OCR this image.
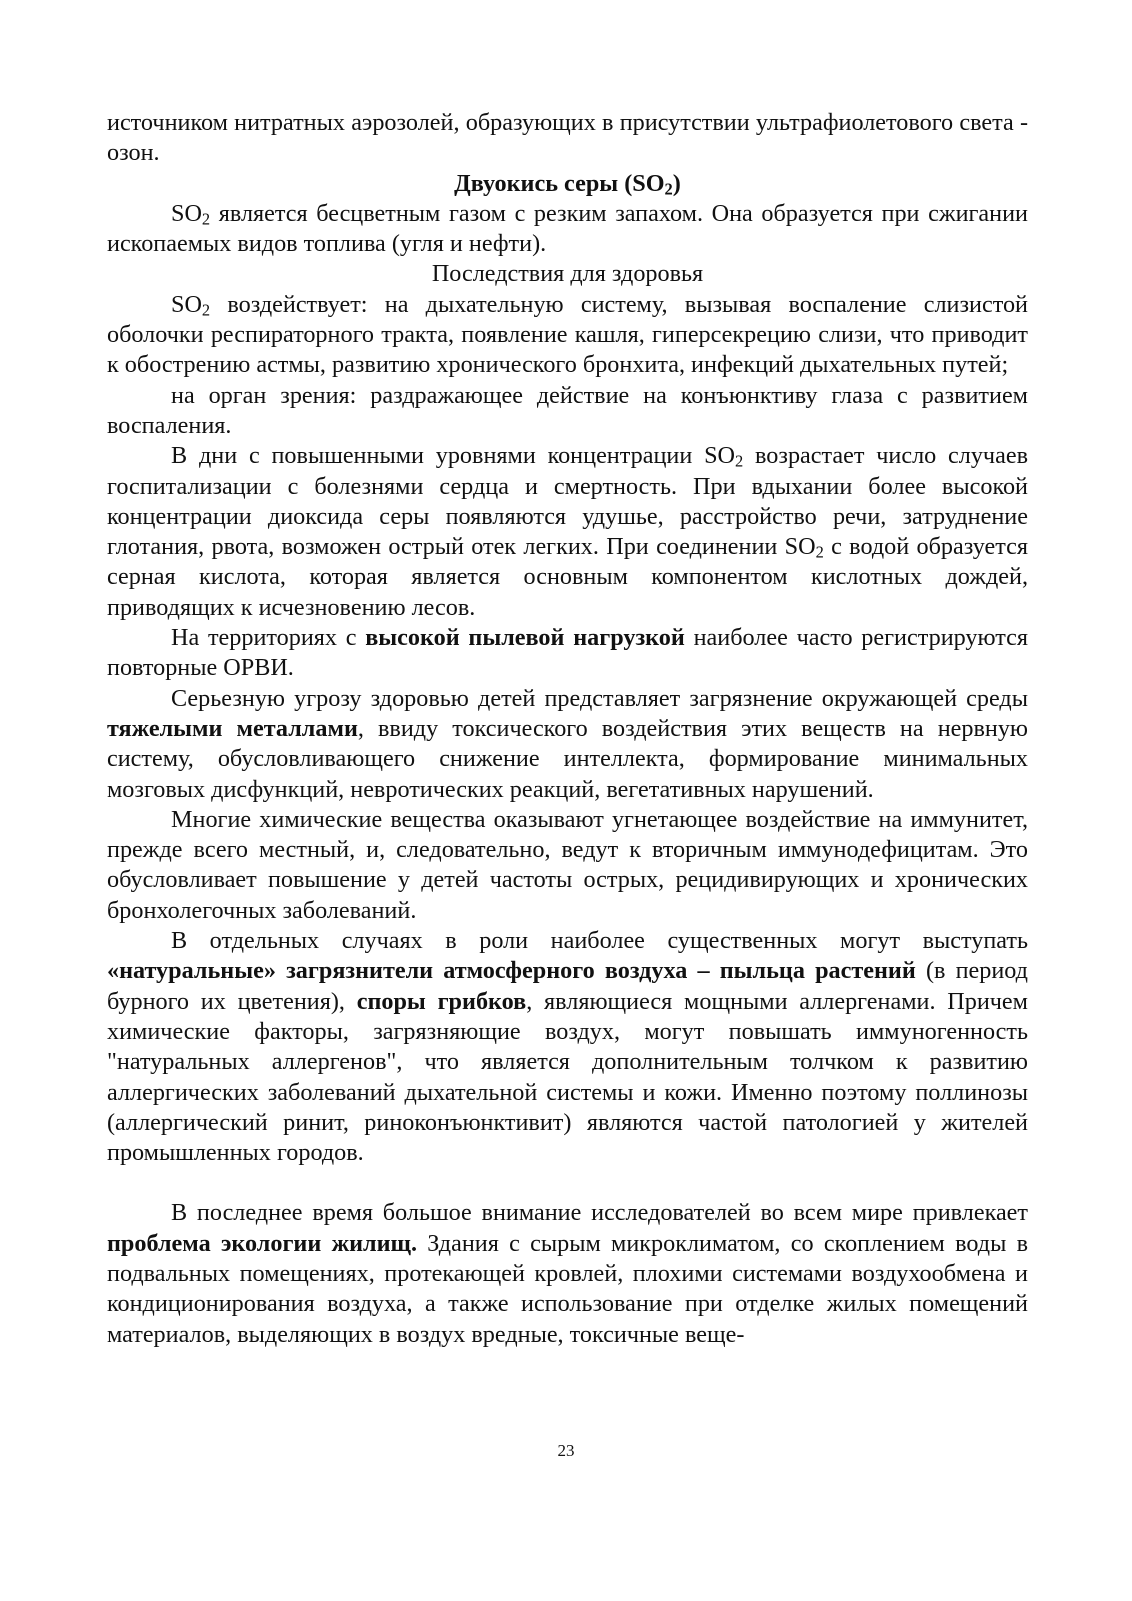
источником нитратных аэрозолей, образующих в присутствии ультрафиолетового света - озон.

Двуокись серы $(SO_2)$

$SO_2$ является бесцветным газом с резким запахом. Она образуется при сжигании ископаемых видов топлива (угля и нефти).

Последствия для здоровья

$SO_2$ воздействует: на дыхательную систему, вызывая воспаление слизистой оболочки респираторного тракта, появление кашля, гиперсекрецию слизи, что приводит к обострению астмы, развитию хронического бронхита, инфекций дыхательных путей;

на орган зрения: раздражающее действие на конъюнктиву глаза с развитием воспаления.

В дни с повышенными уровнями концентрации $SO_2$ возрастает число случаев госпитализации с болезнями сердца и смертность. При вдыхании более высокой концентрации диоксида серы появляются удушье, расстройство речи, затруднение глотания, рвота, возможен острый отек легких. При соединении $SO_2$ с водой образуется серная кислота, которая является основным компонентом кислотных дождей, приводящих к исчезновению лесов.

На территориях с высокой пылевой нагрузкой наиболее часто регистрируются повторные ОРВИ.

Серьезную угрозу здоровью детей представляет загрязнение окружающей среды тяжелыми металлами, ввиду токсического воздействия этих веществ на нервную систему, обусловливающего снижение интеллекта, формирование минимальных мозговых дисфункций, невротических реакций, вегетативных нарушений.

Многие химические вещества оказывают угнетающее воздействие на иммунитет, прежде всего местный, и, следовательно, ведут к вторичным иммунодефицитам. Это обусловливает повышение у детей частоты острых, рецидивирующих и хронических бронхолегочных заболеваний.

В отдельных случаях в роли наиболее существенных могут выступать «натуральные» загрязнители атмосферного воздуха – пыльца растений (в период бурного их цветения), споры грибков, являющиеся мощными аллергенами. Причем химические факторы, загрязняющие воздух, могут повышать иммуногенность "натуральных аллергенов", что является дополнительным толчком к развитию аллергических заболеваний дыхательной системы и кожи. Именно поэтому поллинозы (аллергический ринит, риноконъюнктивит) являются частой патологией у жителей промышленных городов.

В последнее время большое внимание исследователей во всем мире привлекает проблема экологии жилищ. Здания с сырым микроклиматом, со скоплением воды в подвальных помещениях, протекающей кровлей, плохими системами воздухообмена и кондиционирования воздуха, а также использование при отделке жилых помещений материалов, выделяющих в воздух вредные, токсичные веще-

23
